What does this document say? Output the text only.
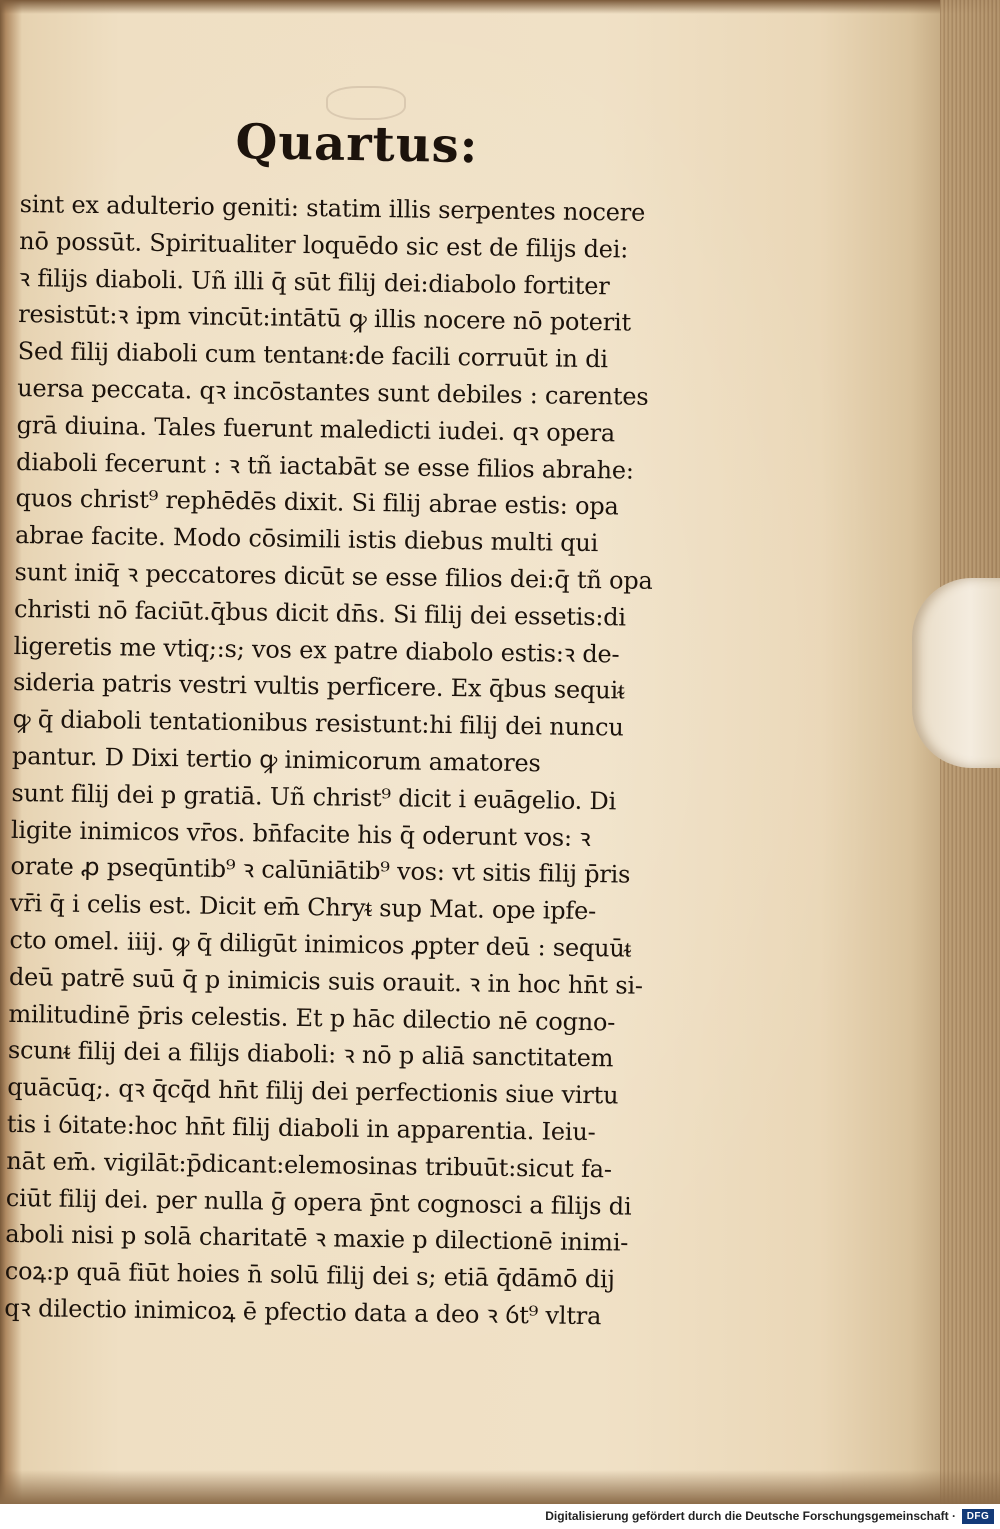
Quartus:
sint ex adulterio geniti: statim illis serpentes nocere
nō possūt. Spiritualiter loquēdo sic est de filijs dei:
ꝛ filijs diaboli. Uñ illi q̄ sūt filij dei:diabolo fortiter
resistūt:ꝛ ipm vincūt:intātū ꝙ illis nocere nō poterit
Sed filij diaboli cum tentanᵵ:de facili corruūt in di
uersa peccata. qꝛ incōstantes sunt debiles : carentes
grā diuina. Tales fuerunt maledicti iudei. qꝛ opera
diaboli fecerunt : ꝛ tñ iactabāt se esse filios abrahe:
quos christ⁹ rephēdēs dixit. Si filij abrae estis: opa
abrae facite. Modo cōsimili istis diebus multi qui
sunt iniq̄ ꝛ peccatores dicūt se esse filios dei:q̄ tñ opa
christi nō faciūt.q̄bus dicit dn̄s. Si filij dei essetis:di
ligeretis me vtiq;:s; vos ex patre diabolo estis:ꝛ de-
sideria patris vestri vultis perficere. Ex q̄bus sequiᵵ
ꝙ q̄ diaboli tentationibus resistunt:hi filij dei nuncu
pantur. D Dixi tertio ꝙ inimicorum amatores
sunt filij dei p gratiā. Uñ christ⁹ dicit i euāgelio. Di
ligite inimicos vr̄os. bn̄facite his q̄ oderunt vos: ꝛ
orate ꝓ pseqūntib⁹ ꝛ calūniātib⁹ vos: vt sitis filij p̄ris
vr̄i q̄ i celis est. Dicit em̄ Chryᵵ sup Mat. ope ipfe-
cto omel. iiij. ꝙ q̄ diligūt inimicos ꝓpter deū : sequūᵵ
deū patrē suū q̄ p inimicis suis orauit. ꝛ in hoc hn̄t si-
militudinē p̄ris celestis. Et p hāc dilectio nē cogno-
scunᵵ filij dei a filijs diaboli: ꝛ nō p aliā sanctitatem
quācūq;. qꝛ q̄cq̄d hn̄t filij dei perfectionis siue virtu
tis i ỽitate:hoc hn̄t filij diaboli in apparentia. Ieiu-
nāt em̄. vigilāt:p̄dicant:elemosinas tribuūt:sicut fa-
ciūt filij dei. per nulla ḡ opera p̄nt cognosci a filijs di
aboli nisi p solā charitatē ꝛ maxie p dilectionē inimi-
coꝝ:p quā fiūt hoies n̄ solū filij dei s; etiā q̄dāmō dij
qꝛ dilectio inimicoꝝ ē pfectio data a deo ꝛ ỽt⁹ vltra
Digitalisierung gefördert durch die Deutsche Forschungsgemeinschaft ·	DFG
